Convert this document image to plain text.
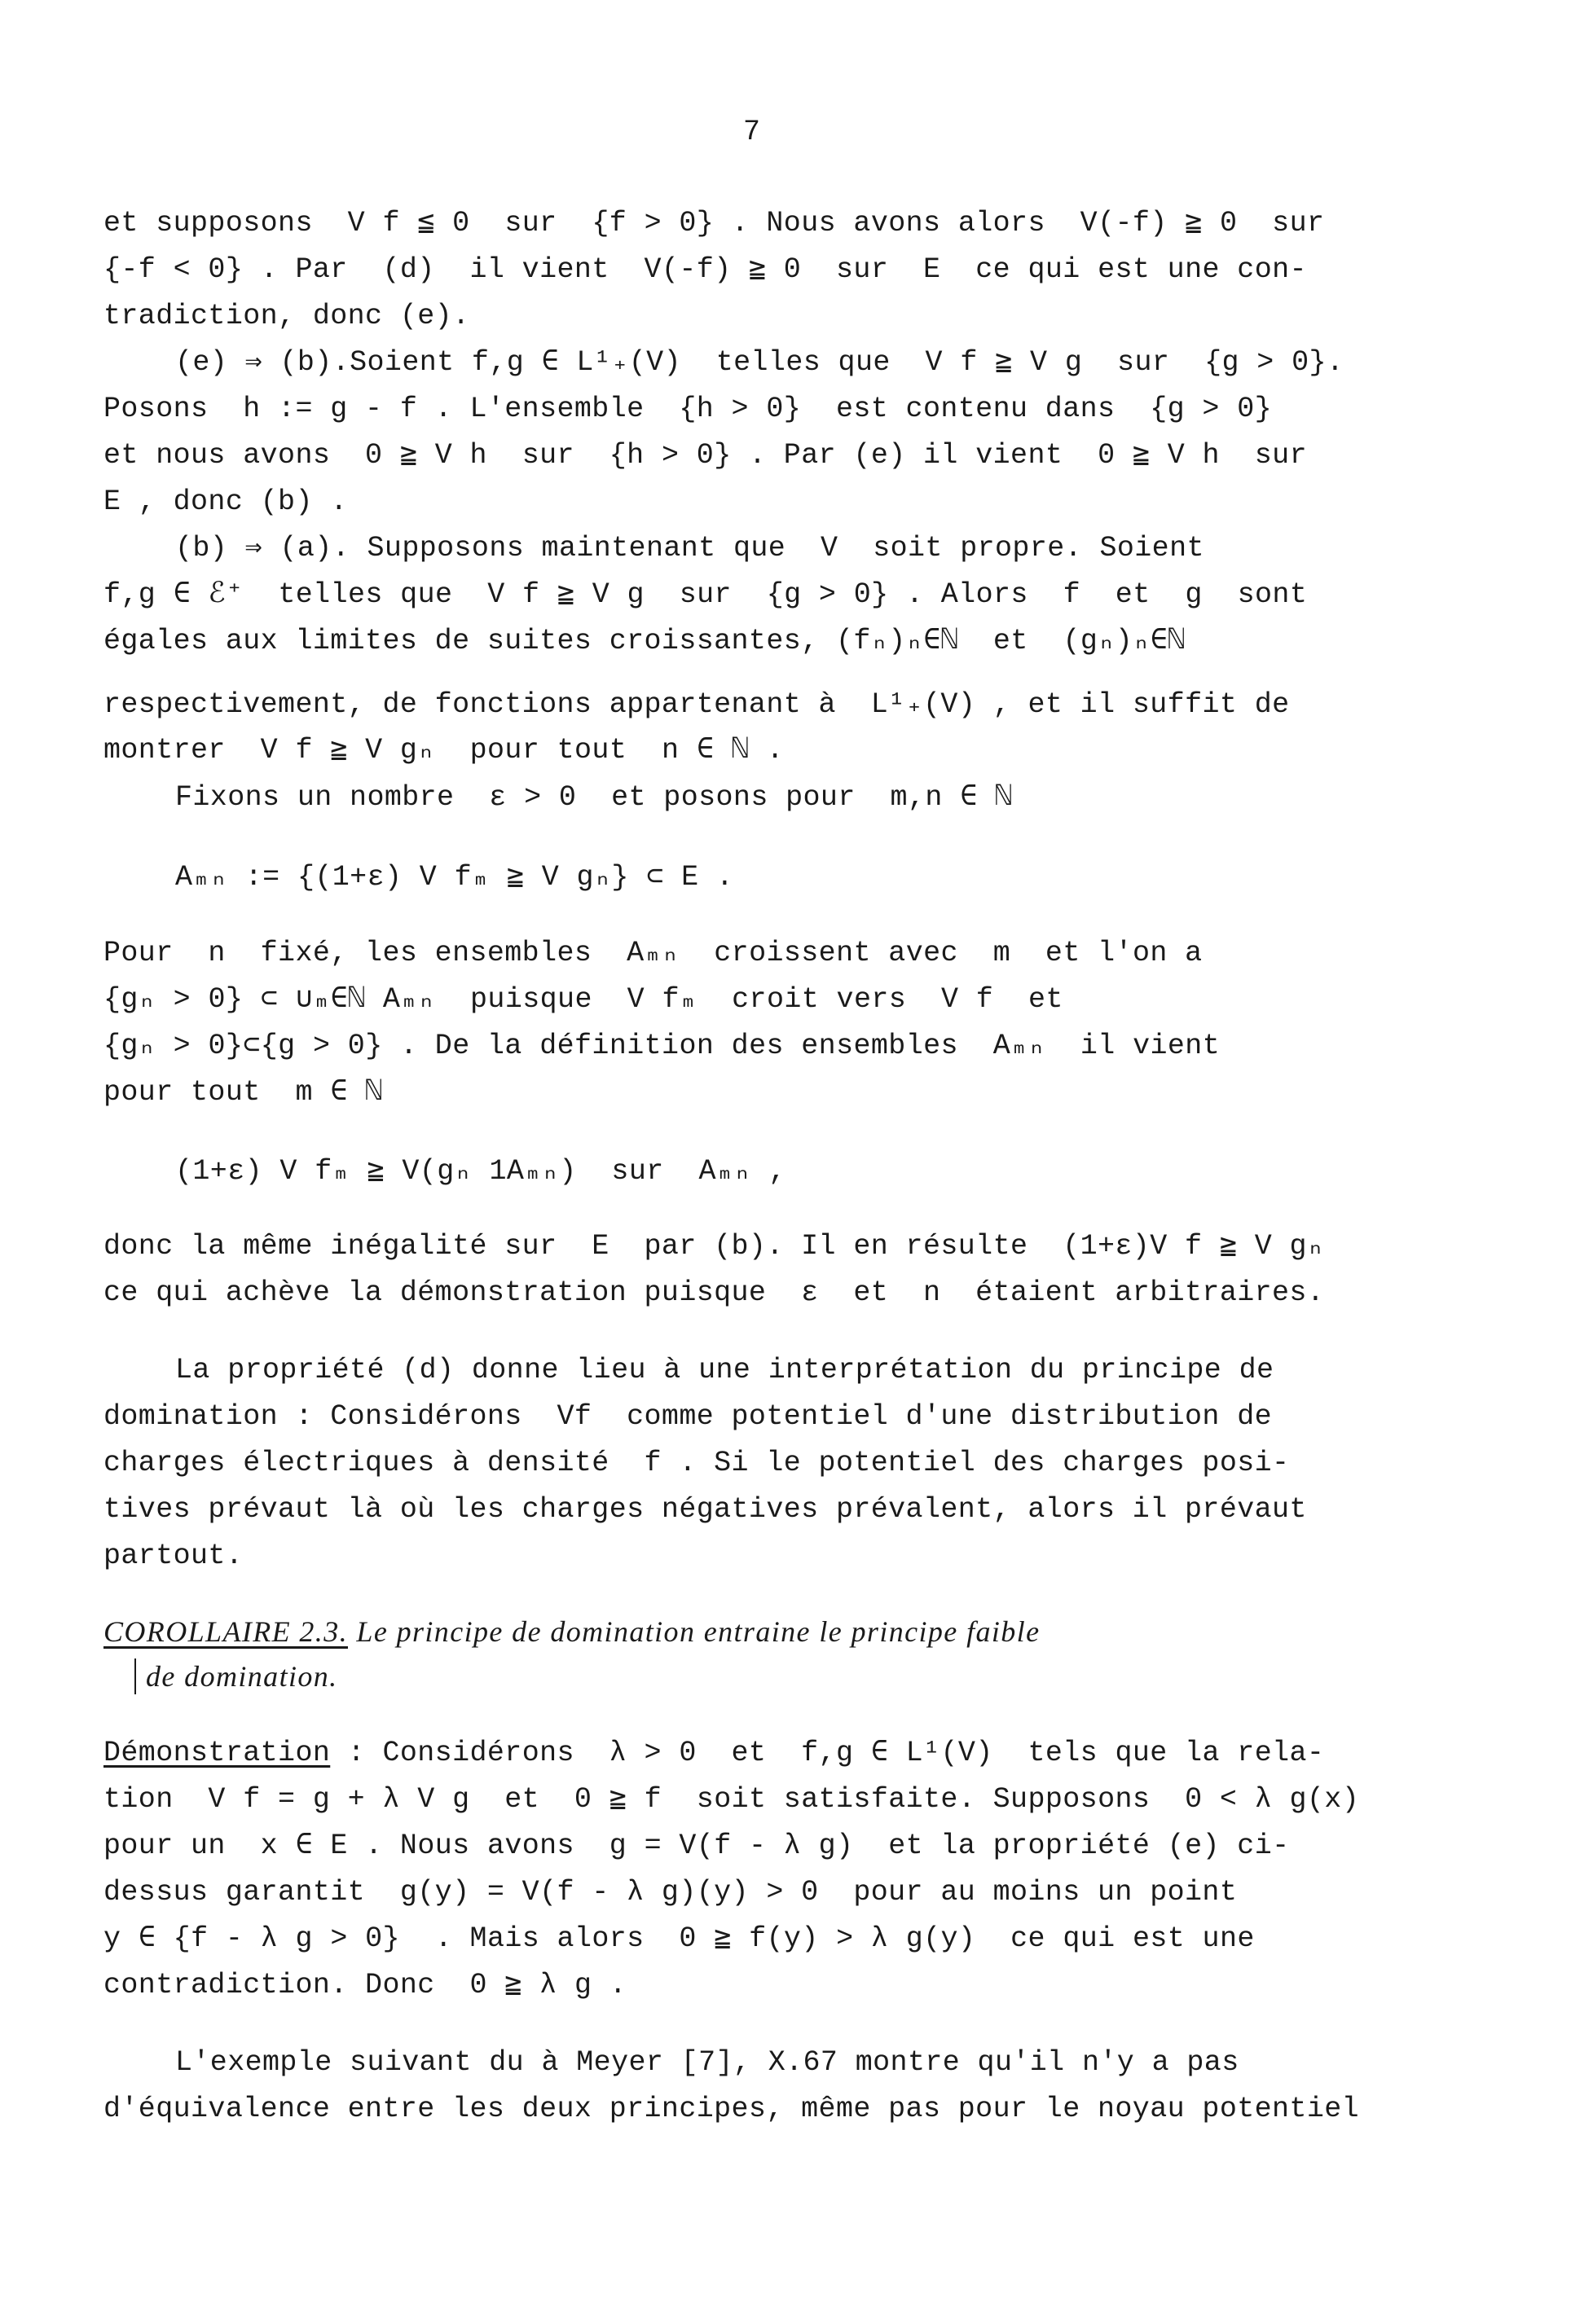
7
et supposons  V f ≦ 0  sur  {f > 0} . Nous avons alors  V(-f) ≧ 0  sur
{-f < 0} . Par  (d)  il vient  V(-f) ≧ 0  sur  E  ce qui est une con-
tradiction, donc (e).
(e) ⇒ (b).Soient f,g ∈ L¹₊(V)  telles que  V f ≧ V g  sur  {g > 0}.
Posons  h := g - f . L'ensemble  {h > 0}  est contenu dans  {g > 0}
et nous avons  0 ≧ V h  sur  {h > 0} . Par (e) il vient  0 ≧ V h  sur
E , donc (b) .
(b) ⇒ (a). Supposons maintenant que  V  soit propre. Soient
f,g ∈ ℰ⁺  telles que  V f ≧ V g  sur  {g > 0} . Alors  f  et  g  sont
égales aux limites de suites croissantes, (fₙ)ₙ∈ℕ  et  (gₙ)ₙ∈ℕ
respectivement, de fonctions appartenant à  L¹₊(V) , et il suffit de
montrer  V f ≧ V gₙ  pour tout  n ∈ ℕ .
Fixons un nombre  ε > 0  et posons pour  m,n ∈ ℕ
Aₘₙ := {(1+ε) V fₘ ≧ V gₙ} ⊂ E .
Pour  n  fixé, les ensembles  Aₘₙ  croissent avec  m  et l'on a
{gₙ > 0} ⊂ ∪ₘ∈ℕ Aₘₙ  puisque  V fₘ  croit vers  V f  et
{gₙ > 0}⊂{g > 0} . De la définition des ensembles  Aₘₙ  il vient
pour tout  m ∈ ℕ
(1+ε) V fₘ ≧ V(gₙ 1Aₘₙ)  sur  Aₘₙ ,
donc la même inégalité sur  E  par (b). Il en résulte  (1+ε)V f ≧ V gₙ
ce qui achève la démonstration puisque  ε  et  n  étaient arbitraires.
La propriété (d) donne lieu à une interprétation du principe de
domination : Considérons  Vf  comme potentiel d'une distribution de
charges électriques à densité  f . Si le potentiel des charges posi-
tives prévaut là où les charges négatives prévalent, alors il prévaut
partout.
COROLLAIRE 2.3. Le principe de domination entraine le principe faible
de domination.
Démonstration : Considérons  λ > 0  et  f,g ∈ L¹(V)  tels que la rela-
tion  V f = g + λ V g  et  0 ≧ f  soit satisfaite. Supposons  0 < λ g(x)
pour un  x ∈ E . Nous avons  g = V(f - λ g)  et la propriété (e) ci-
dessus garantit  g(y) = V(f - λ g)(y) > 0  pour au moins un point
y ∈ {f - λ g > 0}  . Mais alors  0 ≧ f(y) > λ g(y)  ce qui est une
contradiction. Donc  0 ≧ λ g .
L'exemple suivant du à Meyer [7], X.67 montre qu'il n'y a pas
d'équivalence entre les deux principes, même pas pour le noyau potentiel
